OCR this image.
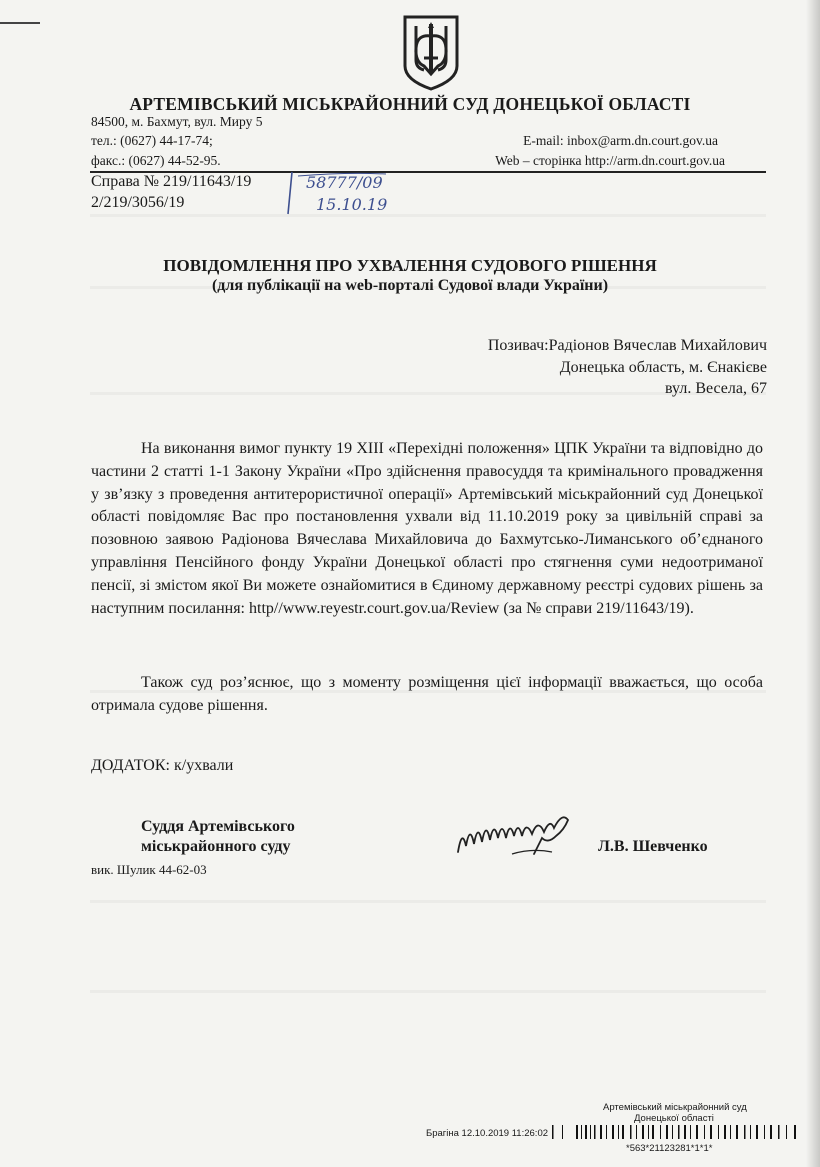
АРТЕМІВСЬКИЙ МІСЬКРАЙОННИЙ СУД ДОНЕЦЬКОЇ ОБЛАСТІ
84500, м. Бахмут, вул. Миру 5
тел.: (0627) 44-17-74;
факс.: (0627) 44-52-95.
E-mail: inbox@arm.dn.court.gov.ua
Web – сторінка http://arm.dn.court.gov.ua
Справа № 219/11643/19
2/219/3056/19
58777/09
15.10.19
ПОВІДОМЛЕННЯ ПРО УХВАЛЕННЯ СУДОВОГО РІШЕННЯ
(для публікації на web-порталі Судової влади України)
Позивач:Радіонов Вячеслав Михайлович
Донецька область, м. Єнакієве
вул. Весела, 67
На виконання вимог пункту 19 ХІІІ «Перехідні положення» ЦПК України та відповідно до частини 2 статті 1-1 Закону України «Про здійснення правосуддя та кримінального провадження у зв’язку з проведення антитерористичної операції» Артемівський міськрайонний суд Донецької області повідомляє Вас про постановлення ухвали від 11.10.2019 року за цивільній справі за позовною заявою Радіонова Вячеслава Михайловича до Бахмутсько-Лиманського об’єднаного управління Пенсійного фонду України Донецької області про стягнення суми недоотриманої пенсії, зі змістом якої Ви можете ознайомитися в Єдиному державному реєстрі судових рішень за наступним посилання: http//www.reyestr.court.gov.ua/Review (за № справи 219/11643/19).
Також суд роз’яснює, що з моменту розміщення цієї інформації вважається, що особа отримала судове рішення.
ДОДАТОК: к/ухвали
Суддя Артемівського
міськрайонного суду
вик. Шулик 44-62-03
Л.В. Шевченко
Артемівський міськрайонний суд
Донецької області
Брагіна 12.10.2019 11:26:02
*563*21123281*1*1*
